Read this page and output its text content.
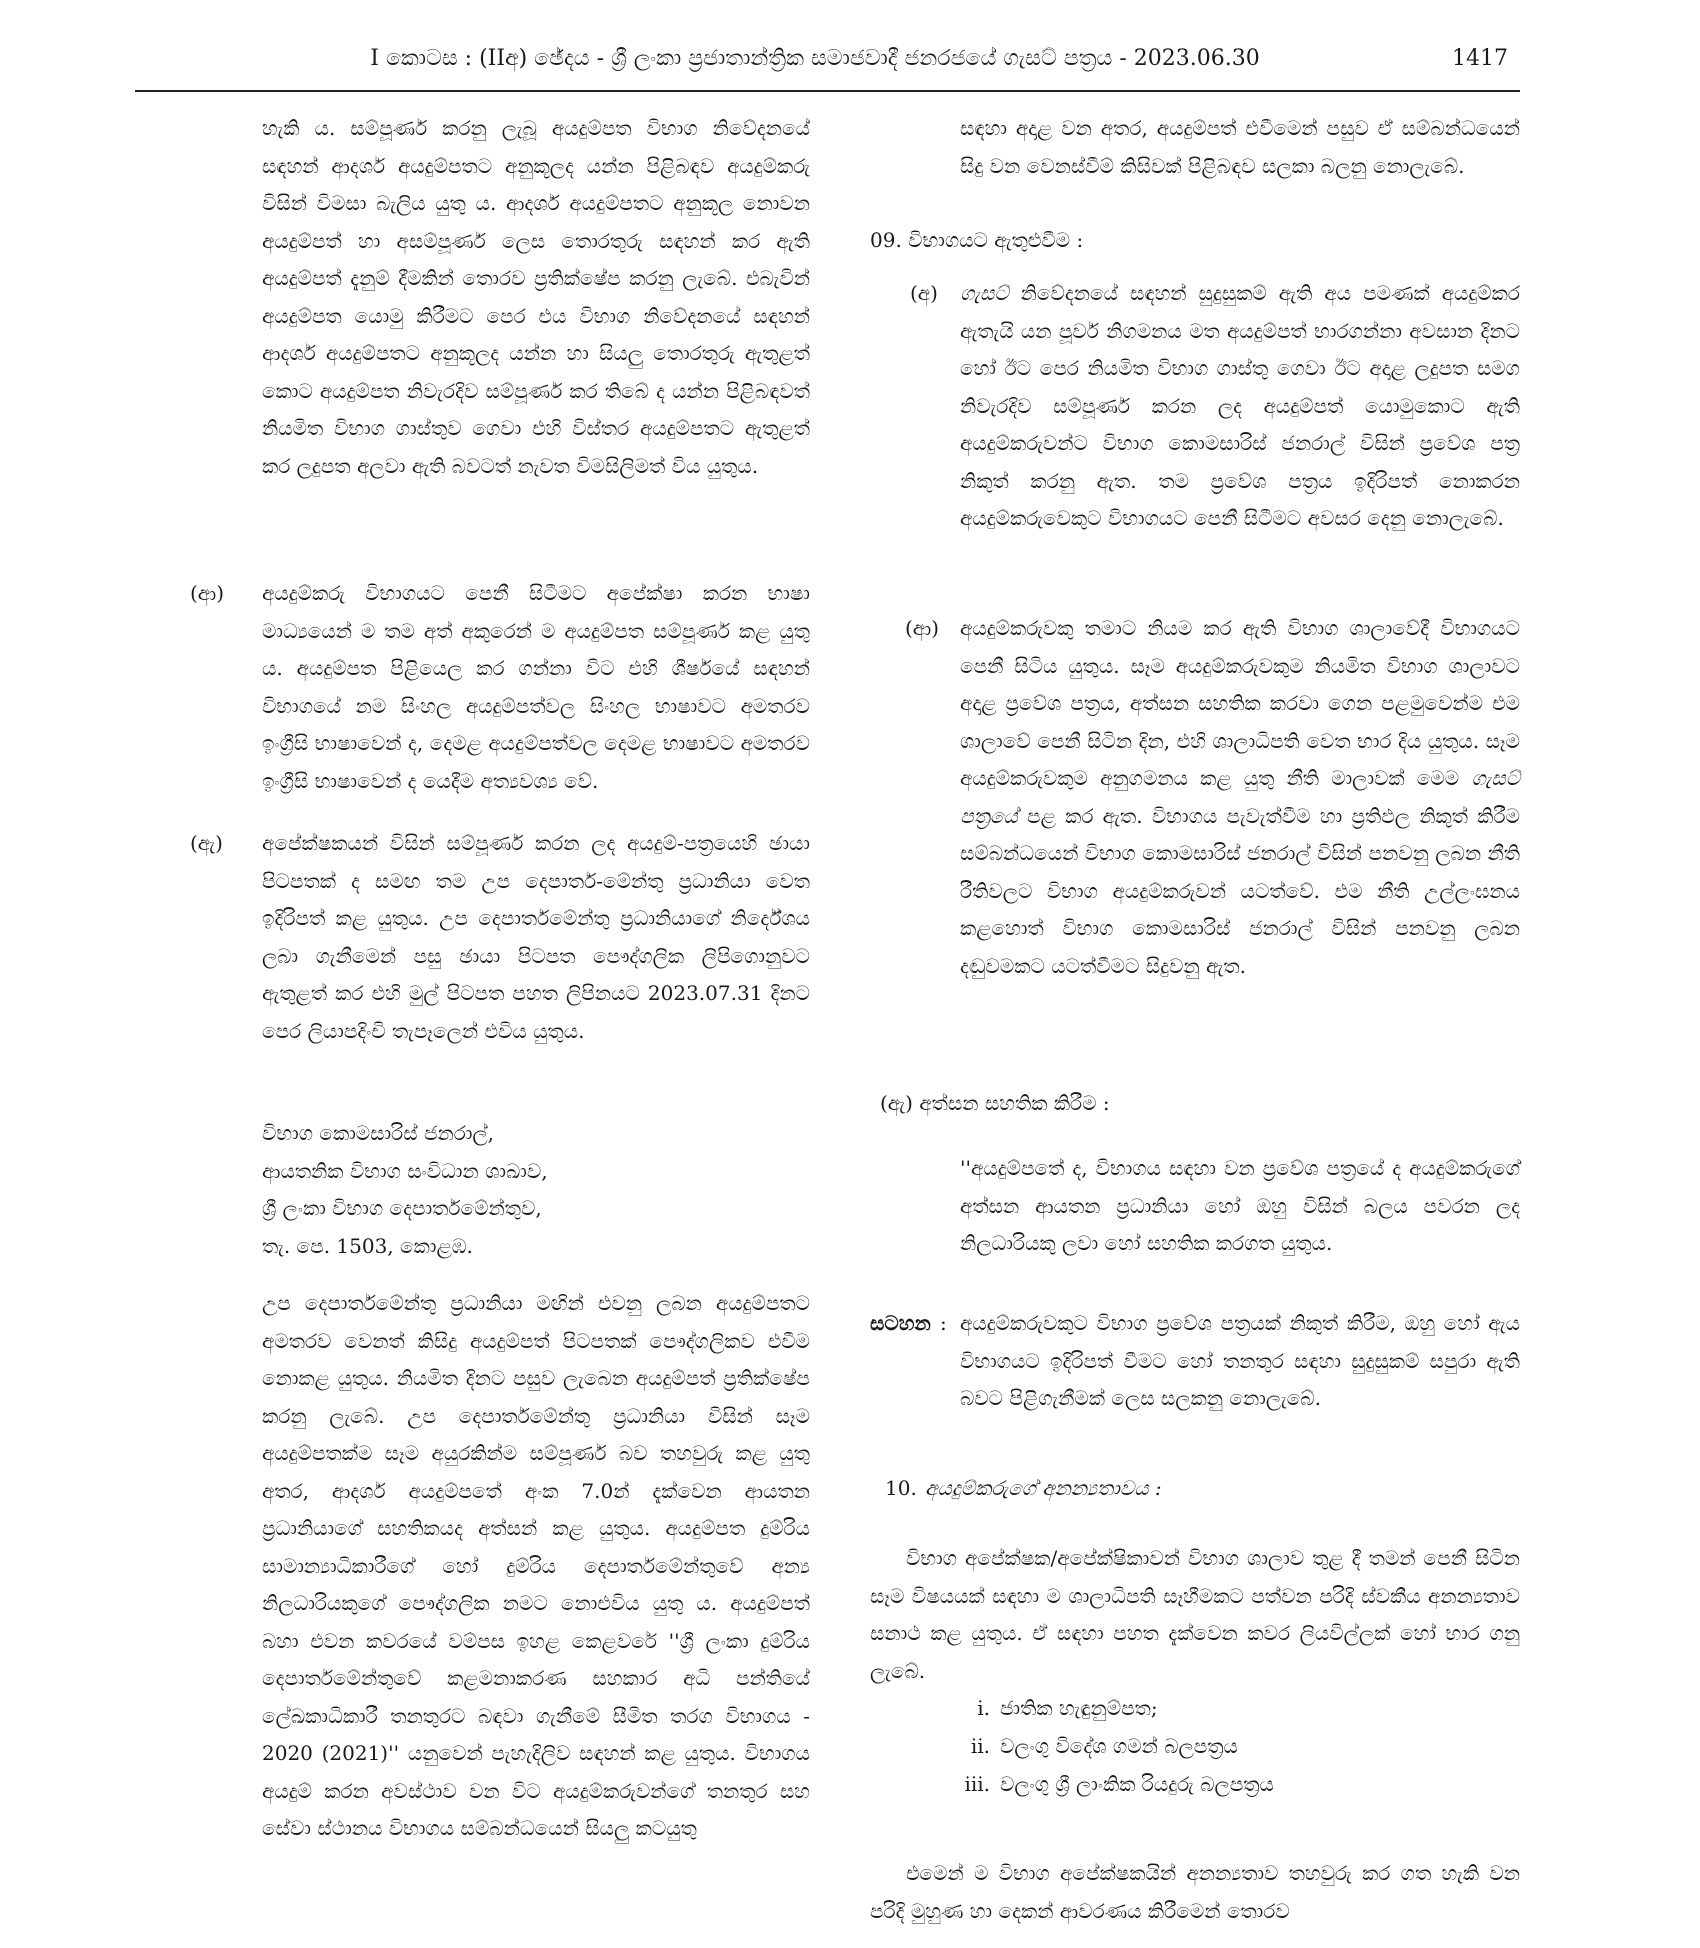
I කොටස : (IIඅ) ඡේදය - ශ්‍රී ලංකා ප්‍රජාතාන්ත්‍රික සමාජවාදී ජනරජයේ ගැසට් පත්‍රය - 2023.06.30	1417
හැකි ය. සම්පූර්ණ කරනු ලැබූ අයදුම්පත විභාග නිවේදනයේ සඳහන් ආදර්ශ අයදුම්පතට අනුකූලද යන්න පිළිබඳව අයදුම්කරු විසින් විමසා බැලිය යුතු ය. ආදර්ශ අයදුම්පතට අනුකූල නොවන අයදුම්පත් හා අසම්පූර්ණ ලෙස තොරතුරු සඳහන් කර ඇති අයදුම්පත් දැනුම් දීමකින් තොරව ප්‍රතික්ෂේප කරනු ලැබේ. එබැවින් අයදුම්පත යොමු කිරීමට පෙර එය විභාග නිවේදනයේ සඳහන් ආදර්ශ අයදුම්පතට අනුකූලද යන්න හා සියලු තොරතුරු ඇතුළත් කොට අයදුම්පත නිවැරදිව සම්පූර්ණ කර තිබේ ද යන්න පිළිබඳවත් නියමිත විභාග ගාස්තුව ගෙවා එහි විස්තර අයදුම්පතට ඇතුළත් කර ලදුපත අලවා ඇති බවටත් නැවත විමසිලිමත් විය යුතුය.
(ආ) අයදුම්කරු විභාගයට පෙනී සිටීමට අපේක්ෂා කරන භාෂා මාධ්‍යයෙන් ම තම අත් අකුරෙන් ම අයදුම්පත සම්පූර්ණ කළ යුතු ය. අයදුම්පත පිළියෙල කර ගන්නා විට එහි ශීර්ෂයේ සඳහන් විභාගයේ නම සිංහල අයදුම්පත්වල සිංහල භාෂාවට අමතරව ඉංග්‍රීසි භාෂාවෙන් ද, දෙමළ අයදුම්පත්වල දෙමළ භාෂාවට අමතරව ඉංග්‍රීසි භාෂාවෙන් ද යෙදීම අත්‍යවශ්‍ය වේ.
(ඇ) අපේක්ෂකයන් විසින් සම්පූර්ණ කරන ලද අයදුම්-පත්‍රයෙහි ඡායා පිටපතක් ද සමඟ තම උප දෙපාර්ත-මේන්තු ප්‍රධානියා වෙත ඉදිරිපත් කළ යුතුය. උප දෙපාර්තමේන්තු ප්‍රධානියාගේ නිර්දේශය ලබා ගැනීමෙන් පසු ඡායා පිටපත පෞද්ගලික ලිපිගොනුවට ඇතුළත් කර එහි මුල් පිටපත පහත ලිපිනයට 2023.07.31 දිනට පෙර ලියාපදිංචි තැපෑලෙන් එවිය යුතුය.
විභාග කොමසාරිස් ජනරාල්,
ආයතනික විභාග සංවිධාන ශාඛාව,
ශ්‍රී ලංකා විභාග දෙපාර්තමේන්තුව,
තැ. පෙ. 1503, කොළඹ.
උප දෙපාර්තමේන්තු ප්‍රධානියා මඟින් එවනු ලබන අයදුම්පතට අමතරව වෙනත් කිසිදු අයදුම්පත් පිටපතක් පෞද්ගලිකව එවීම නොකළ යුතුය. නියමිත දිනට පසුව ලැබෙන අයදුම්පත් ප්‍රතික්ෂේප කරනු ලැබේ. උප දෙපාර්තමේන්තු ප්‍රධානියා විසින් සෑම අයදුම්පතක්ම සෑම අයුරකින්ම සම්පූර්ණ බව තහවුරු කළ යුතු අතර, ආදර්ශ අයදුම්පතේ අංක 7.0න් දැක්වෙන ආයතන ප්‍රධානියාගේ සහතිකයද අත්සන් කළ යුතුය. අයදුම්පත දුම්රිය සාමාන්‍යාධිකාරීගේ හෝ දුම්රිය දෙපාර්තමේන්තුවේ අන්‍ය නිලධාරියකුගේ පෞද්ගලික නමට නොඑවිය යුතු ය. අයදුම්පත් බහා එවන කවරයේ වම්පස ඉහළ කෙළවරේ ''ශ්‍රී ලංකා දුම්රිය දෙපාර්තමේන්තුවේ කළමනාකරණ සහකාර අධි පන්තියේ ලේඛකාධිකාරී තනතුරට බඳවා ගැනීමේ සීමිත තරග විභාගය - 2020 (2021)'' යනුවෙන් පැහැදිලිව සඳහන් කළ යුතුය. විභාගය අයදුම් කරන අවස්ථාව වන විට අයදුම්කරුවන්ගේ තනතුර සහ සේවා ස්ථානය විභාගය සම්බන්ධයෙන් සියලු කටයුතු
සඳහා අදාළ වන අතර, අයදුම්පත් එවීමෙන් පසුව ඒ සම්බන්ධයෙන් සිදු වන වෙනස්වීම් කිසිවක් පිළිබඳව සලකා බලනු නොලැබේ.
09. විභාගයට ඇතුළුවීම :
(අ) ගැසට් නිවේදනයේ සඳහන් සුදුසුකම් ඇති අය පමණක් අයදුම්කර ඇතැයි යන පූර්ව නිගමනය මත අයදුම්පත් භාරගන්නා අවසාන දිනට හෝ ඊට පෙර නියමිත විභාග ගාස්තු ගෙවා ඊට අදාළ ලදුපත සමග නිවැරදිව සම්පූර්ණ කරන ලද අයදුම්පත් යොමුකොට ඇති අයදුම්කරුවන්ට විභාග කොමසාරිස් ජනරාල් විසින් ප්‍රවේශ පත්‍ර නිකුත් කරනු ඇත. තම ප්‍රවේශ පත්‍රය ඉදිරිපත් නොකරන අයදුම්කරුවෙකුට විභාගයට පෙනී සිටීමට අවසර දෙනු නොලැබේ.
(ආ) අයදුම්කරුවකු තමාට නියම කර ඇති විභාග ශාලාවේදී විභාගයට පෙනී සිටිය යුතුය. සෑම අයදුම්කරුවකුම නියමිත විභාග ශාලාවට අදාළ ප්‍රවේශ පත්‍රය, අත්සන සහතික කරවා ගෙන පළමුවෙන්ම එම ශාලාවේ පෙනී සිටින දින, එහි ශාලාධිපති වෙත භාර දිය යුතුය. සෑම අයදුම්කරුවකුම අනුගමනය කළ යුතු නීති මාලාවක් මෙම ගැසට් පත්‍රයේ පළ කර ඇත. විභාගය පැවැත්වීම හා ප්‍රතිඵල නිකුත් කිරීම සම්බන්ධයෙන් විභාග කොමසාරිස් ජනරාල් විසින් පනවනු ලබන නීති රීතිවලට විභාග අයදුම්කරුවන් යටත්වේ. එම නීති උල්ලංඝනය කළහොත් විභාග කොමසාරිස් ජනරාල් විසින් පනවනු ලබන දඬුවමකට යටත්වීමට සිදුවනු ඇත.
(ඇ) අත්සන සහතික කිරීම :
''අයදුම්පතේ ද, විභාගය සඳහා වන ප්‍රවේශ පත්‍රයේ ද අයදුම්කරුගේ අත්සන ආයතන ප්‍රධානියා හෝ ඔහු විසින් බලය පවරන ලද නිලධාරියකු ලවා හෝ සහතික කරගත යුතුය.
සටහන : අයදුම්කරුවකුට විභාග ප්‍රවේශ පත්‍රයක් නිකුත් කිරීම, ඔහු හෝ ඇය විභාගයට ඉදිරිපත් වීමට හෝ තනතුර සඳහා සුදුසුකම් සපුරා ඇති බවට පිළිගැනීමක් ලෙස සලකනු නොලැබේ.
10. අයදුම්කරුගේ අනන්‍යතාවය :
විභාග අපේක්ෂක/අපේක්ෂිකාවන් විභාග ශාලාව තුළ දී තමන් පෙනී සිටින සෑම විෂයයක් සඳහා ම ශාලාධිපති සෑහීමකට පත්වන පරිදි ස්වකීය අනන්‍යතාව සනාථ කළ යුතුය. ඒ සඳහා පහත දැක්වෙන කවර ලියවිල්ලක් හෝ භාර ගනු ලැබේ.
i. ජාතික හැඳුනුම්පත;
ii. වලංගු විදේශ ගමන් බලපත්‍රය
iii. වලංගු ශ්‍රී ලාංකික රියදුරු බලපත්‍රය
එමෙන් ම විභාග අපේක්ෂකයින් අනන්‍යතාව තහවුරු කර ගත හැකි වන පරිදි මුහුණ හා දෙකන් ආවරණය කිරීමෙන් තොරව
